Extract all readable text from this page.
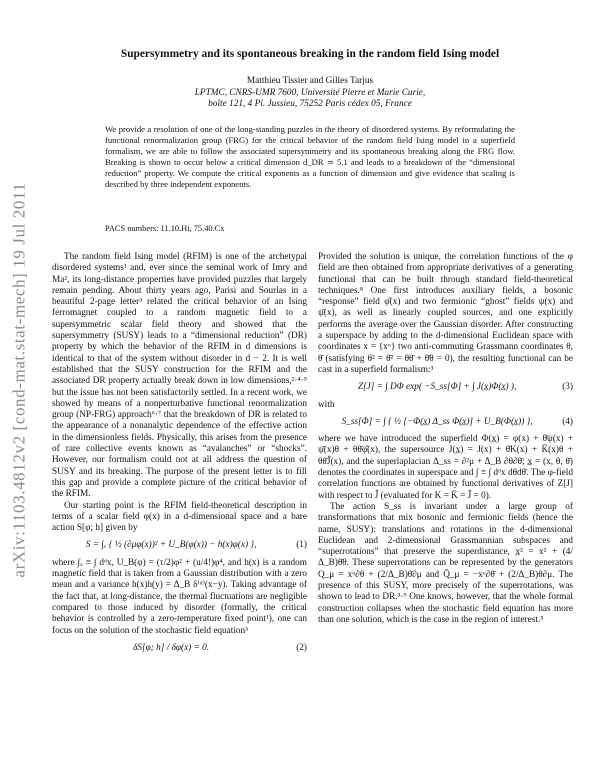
arXiv:1103.4812v2 [cond-mat.stat-mech] 19 Jul 2011
Supersymmetry and its spontaneous breaking in the random field Ising model
Matthieu Tissier and Gilles Tarjus
LPTMC, CNRS-UMR 7600, Université Pierre et Marie Curie,
boîte 121, 4 Pl. Jussieu, 75252 Paris cédex 05, France
We provide a resolution of one of the long-standing puzzles in the theory of disordered systems. By reformulating the functional renormalization group (FRG) for the critical behavior of the random field Ising model in a superfield formalism, we are able to follow the associated supersymmetry and its spontaneous breaking along the FRG flow. Breaking is shown to occur below a critical dimension d_DR ≃ 5.1 and leads to a breakdown of the “dimensional reduction” property. We compute the critical exponents as a function of dimension and give evidence that scaling is described by three independent exponents.
PACS numbers: 11.10.Hi, 75.40.Cx

The random field Ising model (RFIM) is one of the archetypal disordered systems¹ and, ever since the seminal work of Imry and Ma², its long-distance properties have provided puzzles that largely remain pending. About thirty years ago, Parisi and Sourlas in a beautiful 2-page letter³ related the critical behavior of an Ising ferromagnet coupled to a random magnetic field to a supersymmetric scalar field theory and showed that the supersymmetry (SUSY) leads to a “dimensional reduction” (DR) property by which the behavior of the RFIM in d dimensions is identical to that of the system without disorder in d − 2. It is well established that the SUSY construction for the RFIM and the associated DR property actually break down in low dimensions,²·⁴·⁵ but the issue has not been satisfactorily settled. In a recent work, we showed by means of a nonperturbative functional renormalization group (NP-FRG) approach⁶·⁷ that the breakdown of DR is related to the appearance of a nonanalytic dependence of the effective action in the dimensionless fields. Physically, this arises from the presence of rare collective events known as “avalanches” or “shocks”. However, our formalism could not at all address the question of SUSY and its breaking. The purpose of the present letter is to fill this gap and provide a complete picture of the critical behavior of the RFIM.

Our starting point is the RFIM field-theoretical description in terms of a scalar field φ(x) in a d-dimensional space and a bare action S[φ; h] given by

S = ∫ₓ { ½ (∂μφ(x))² + U_B(φ(x)) − h(x)φ(x) },	(1)

where ∫ₓ ≡ ∫ dᵈx, U_B(φ) = (τ/2)φ² + (u/4!)φ⁴, and h(x) is a random magnetic field that is taken from a Gaussian distribution with a zero mean and a variance h(x)h(y) = Δ_B δ⁽ᵈ⁾(x−y). Taking advantage of the fact that, at long-distance, the thermal fluctuations are negligible compared to those induced by disorder (formally, the critical behavior is controlled by a zero-temperature fixed point¹), one can focus on the solution of the stochastic field equation³

δS[φ; h] / δφ(x) = 0.	(2)

Provided the solution is unique, the correlation functions of the φ field are then obtained from appropriate derivatives of a generating functional that can be built through standard field-theoretical techniques.⁸ One first introduces auxiliary fields, a bosonic “response” field φ̂(x) and two fermionic “ghost” fields ψ(x) and ψ̄(x), as well as linearly coupled sources, and one explicitly performs the average over the Gaussian disorder. After constructing a superspace by adding to the d-dimensional Euclidean space with coordinates x = {xᵘ} two anti-commuting Grassmann coordinates θ, θ̄ (satisfying θ² = θ̄² = θθ̄ + θ̄θ = 0), the resulting functional can be cast in a superfield formalism:³

Z[J] = ∫ DΦ exp( −S_ss[Φ] + ∫ J(x̲)Φ(x̲) ),	(3)

with

S_ss[Φ] = ∫ { ½ [−Φ(x̲) Δ_ss Φ(x̲)] + U_B(Φ(x̲)) },	(4)

where we have introduced the superfield Φ(x̲) = φ(x) + θ̄ψ(x) + ψ̄(x)θ + θθ̄φ̂(x), the supersource J(x̲) = J(x) + θ̄K(x) + K̄(x)θ + θθ̄Ĵ(x), and the superlaplacian Δ_ss = ∂²μ + Δ_B ∂θ∂θ̄; x̲ = (x, θ, θ̄) denotes the coordinates in superspace and ∫ ≡ ∫ dᵈx dθdθ̄. The φ-field correlation functions are obtained by functional derivatives of Z[J] with respect to Ĵ (evaluated for K = K̄ = Ĵ = 0).

The action S_ss is invariant under a large group of transformations that mix bosonic and fermionic fields (hence the name, SUSY): translations and rotations in the d-dimensional Euclidean and 2-dimensional Grassmannian subspaces and “superrotations” that preserve the superdistance, x̲² = x² + (4/Δ_B)θ̄θ. These superrotations can be represented by the generators Q_μ = xᵘ∂θ + (2/Δ_B)θ̄∂μ and Q̄_μ = −xᵘ∂θ̄ + (2/Δ_B)θ∂μ. The presence of this SUSY, more precisely of the superrotations, was shown to lead to DR.³·⁹ One knows, however, that the whole formal construction collapses when the stochastic field equation has more than one solution, which is the case in the region of interest.⁵
